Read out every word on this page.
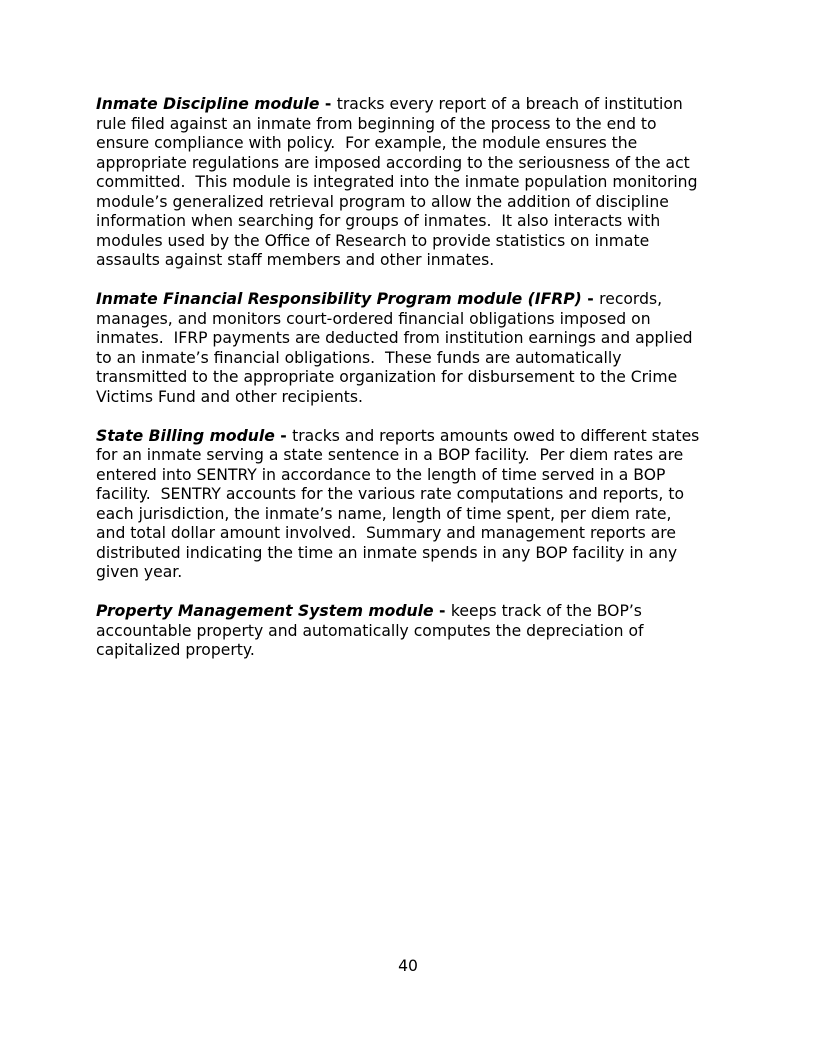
Inmate Discipline module - tracks every report of a breach of institution
rule filed against an inmate from beginning of the process to the end to
ensure compliance with policy.  For example, the module ensures the
appropriate regulations are imposed according to the seriousness of the act
committed.  This module is integrated into the inmate population monitoring
module’s generalized retrieval program to allow the addition of discipline
information when searching for groups of inmates.  It also interacts with
modules used by the Office of Research to provide statistics on inmate
assaults against staff members and other inmates.

Inmate Financial Responsibility Program module (IFRP) - records,
manages, and monitors court-ordered financial obligations imposed on
inmates.  IFRP payments are deducted from institution earnings and applied
to an inmate’s financial obligations.  These funds are automatically
transmitted to the appropriate organization for disbursement to the Crime
Victims Fund and other recipients.

State Billing module - tracks and reports amounts owed to different states
for an inmate serving a state sentence in a BOP facility.  Per diem rates are
entered into SENTRY in accordance to the length of time served in a BOP
facility.  SENTRY accounts for the various rate computations and reports, to
each jurisdiction, the inmate’s name, length of time spent, per diem rate,
and total dollar amount involved.  Summary and management reports are
distributed indicating the time an inmate spends in any BOP facility in any
given year.

Property Management System module - keeps track of the BOP’s
accountable property and automatically computes the depreciation of
capitalized property.

40
